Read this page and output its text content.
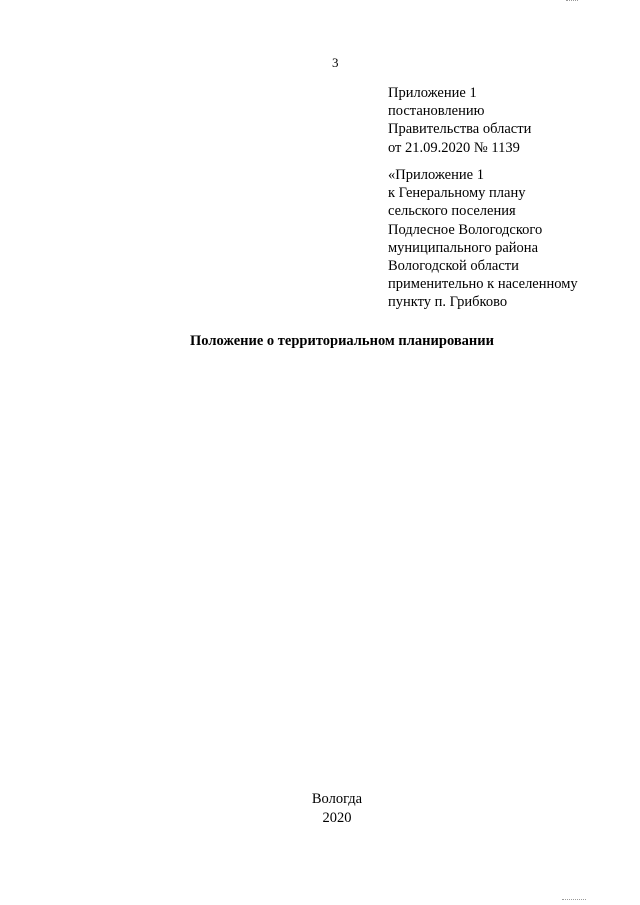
3
Приложение 1
постановлению
Правительства области
от 21.09.2020 № 1139
«Приложение 1
к Генеральному плану
сельского поселения
Подлесное Вологодского
муниципального района
Вологодской области
применительно к населенному
пункту п. Грибково
Положение о территориальном планировании
Вологда
2020
